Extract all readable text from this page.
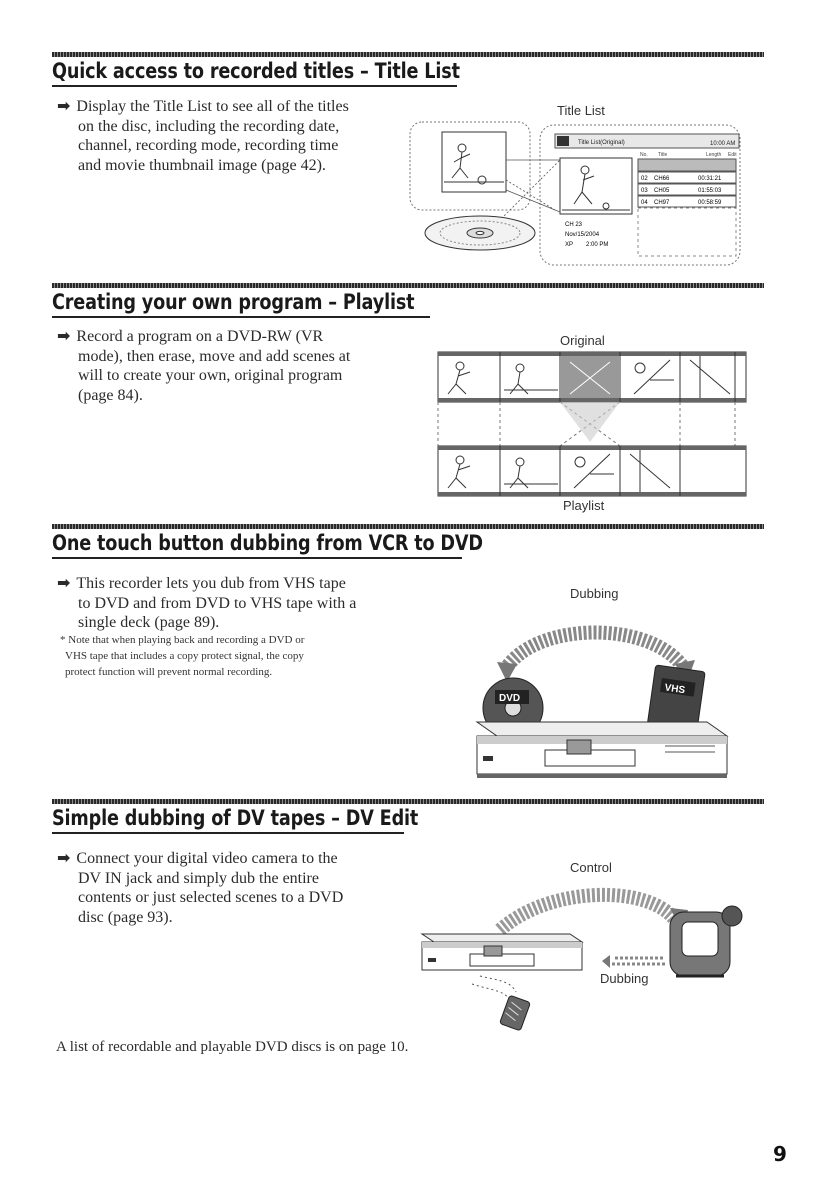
Quick access to recorded titles – Title List
➡ Display the Title List to see all of the titles
on the disc, including the recording date,
channel, recording mode, recording time
and movie thumbnail image (page 42).
Title List
Title List(Original)	10:00 AM
No. Title	Length Edit
02 CH66	00:31:21
03 CH05	01:55:03
04 CH97	00:58:59
CH 23
Nov/15/2004
XP 2:00 PM
Creating your own program – Playlist
➡ Record a program on a DVD-RW (VR
mode), then erase, move and add scenes at
will to create your own, original program
(page 84).
Original
Playlist
One touch button dubbing from VCR to DVD
➡ This recorder lets you dub from VHS tape
to DVD and from DVD to VHS tape with a
single deck (page 89).
* Note that when playing back and recording a DVD or
VHS tape that includes a copy protect signal, the copy
protect function will prevent normal recording.
Dubbing
DVD
VHS
Simple dubbing of DV tapes – DV Edit
➡ Connect your digital video camera to the
DV IN jack and simply dub the entire
contents or just selected scenes to a DVD
disc (page 93).
Control
Dubbing
A list of recordable and playable DVD discs is on page 10.
9
